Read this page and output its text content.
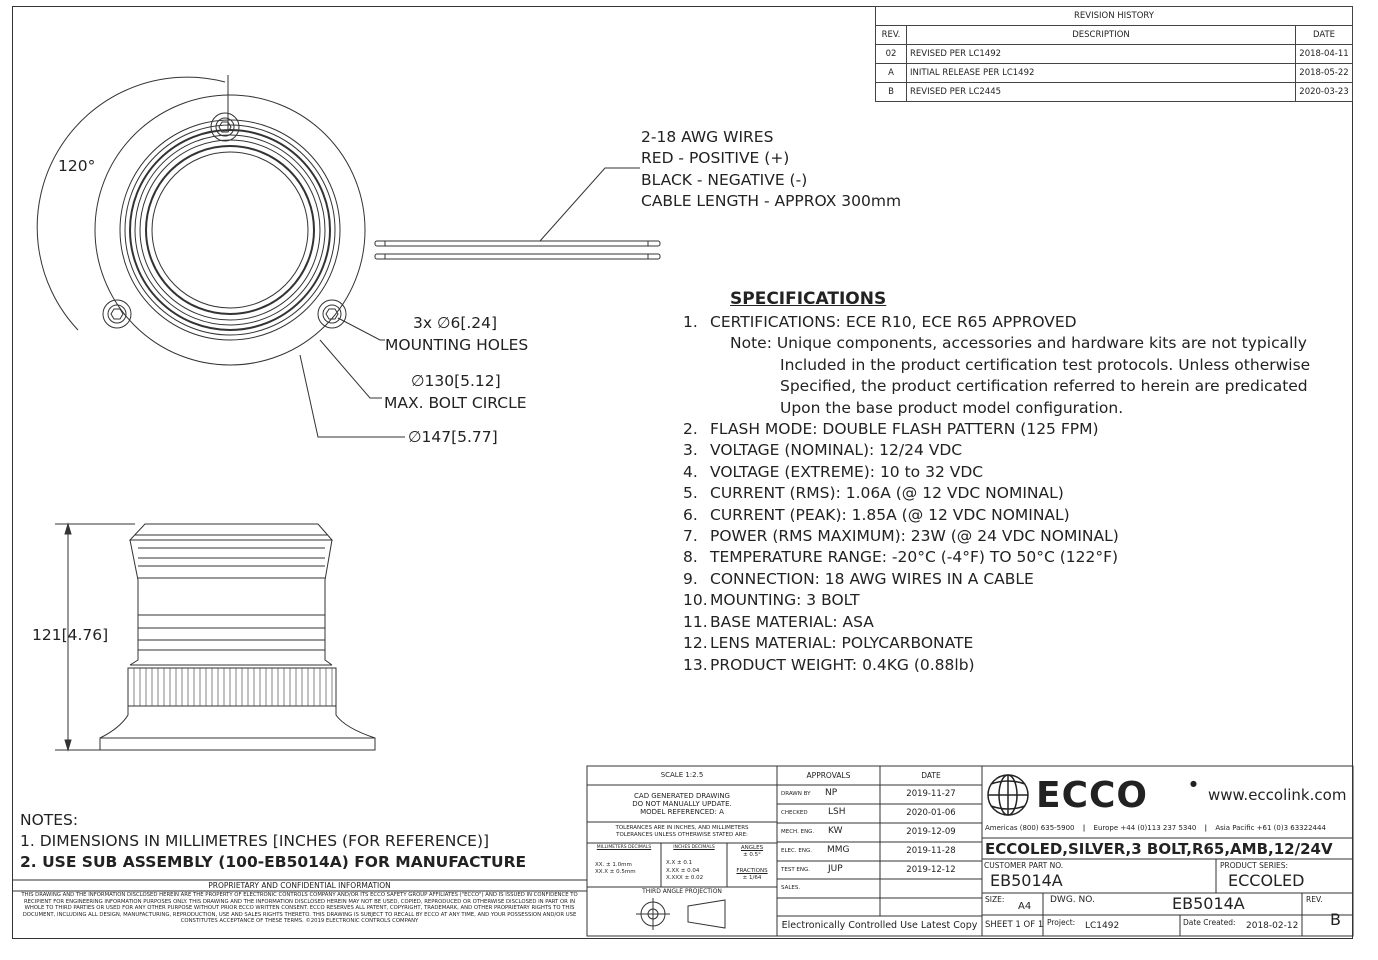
REVISION HISTORY		
REV.	DESCRIPTION	DATE
02	REVISED PER LC1492	2018-04-11
A	INITIAL RELEASE PER LC1492	2018-05-22
B	REVISED PER LC2445	2020-03-23
120°
3x ∅6[.24]
MOUNTING HOLES
∅130[5.12]
MAX. BOLT CIRCLE
∅147[5.77]
121[4.76]
2-18 AWG WIRES
RED - POSITIVE (+)
BLACK - NEGATIVE (-)
CABLE LENGTH - APPROX 300mm
SPECIFICATIONS
1. CERTIFICATIONS: ECE R10, ECE R65 APPROVED
Note: Unique components, accessories and hardware kits are not typically
Included in the product certification test protocols. Unless otherwise
Specified, the product certification referred to herein are predicated
Upon the base product model configuration.
2. FLASH MODE: DOUBLE FLASH PATTERN (125 FPM)
3. VOLTAGE (NOMINAL): 12/24 VDC
4. VOLTAGE (EXTREME): 10 to 32 VDC
5. CURRENT (RMS): 1.06A (@ 12 VDC NOMINAL)
6. CURRENT (PEAK): 1.85A (@ 12 VDC NOMINAL)
7. POWER (RMS MAXIMUM): 23W (@ 24 VDC NOMINAL)
8. TEMPERATURE RANGE: -20°C (-4°F) TO 50°C (122°F)
9. CONNECTION: 18 AWG WIRES IN A CABLE
10. MOUNTING: 3 BOLT
11. BASE MATERIAL: ASA
12. LENS MATERIAL: POLYCARBONATE
13. PRODUCT WEIGHT: 0.4KG (0.88lb)
NOTES:
1. DIMENSIONS IN MILLIMETRES [INCHES (FOR REFERENCE)]
2. USE SUB ASSEMBLY (100-EB5014A) FOR MANUFACTURE
PROPRIETARY AND CONFIDENTIAL INFORMATION
THIS DRAWING AND THE INFORMATION DISCLOSED HEREIN ARE THE PROPERTY OF ELECTRONIC CONTROLS COMPANY AND/OR ITS ECCO SAFETY GROUP AFFILIATES ("ECCO") AND IS ISSUED IN CONFIDENCE TO RECIPIENT FOR ENGINEERING INFORMATION PURPOSES ONLY. THIS DRAWING AND THE INFORMATION DISCLOSED HEREIN MAY NOT BE USED, COPIED, REPRODUCED OR OTHERWISE DISCLOSED IN PART OR IN WHOLE TO THIRD PARTIES OR USED FOR ANY OTHER PURPOSE WITHOUT PRIOR ECCO WRITTEN CONSENT. ECCO RESERVES ALL PATENT, COPYRIGHT, TRADEMARK, AND OTHER PROPRIETARY RIGHTS TO THIS DOCUMENT, INCLUDING ALL DESIGN, MANUFACTURING, REPRODUCTION, USE AND SALES RIGHTS THERETO. THIS DRAWING IS SUBJECT TO RECALL BY ECCO AT ANY TIME, AND YOUR POSSESSION AND/OR USE CONSTITUTES ACCEPTANCE OF THESE TERMS. ©2019 ELECTRONIC CONTROLS COMPANY
SCALE 1:2.5
CAD GENERATED DRAWING
DO NOT MANUALLY UPDATE.
MODEL REFERENCED: A
TOLERANCES ARE IN INCHES, AND MILLIMETERS
TOLERANCES UNLESS OTHERWISE STATED ARE:
MILLIMETERS DECIMALS
XX. ± 1.0mm
XX.X ± 0.5mm
INCHES DECIMALS
X.X ± 0.1
X.XX ± 0.04
X.XXX ± 0.02
ANGLES
± 0.5°
FRACTIONS
± 1/64
THIRD ANGLE PROJECTION
APPROVALS	DATE
DRAWN BY NP	2019-11-27
CHECKED LSH	2020-01-06
MECH. ENG. KW	2019-12-09
ELEC. ENG. MMG	2019-11-28
TEST ENG. JUP	2019-12-12
SALES.
Electronically Controlled Use Latest Copy
ECCO	●
www.eccolink.com
Americas (800) 635-5900 | Europe +44 (0)113 237 5340 | Asia Pacific +61 (0)3 63322444
ECCOLED,SILVER,3 BOLT,R65,AMB,12/24V
CUSTOMER PART NO.
EB5014A
PRODUCT SERIES:
ECCOLED
SIZE:
A4
DWG. NO.	EB5014A	REV.
B
SHEET 1 OF 1 Project: LC1492	Date Created: 2018-02-12
